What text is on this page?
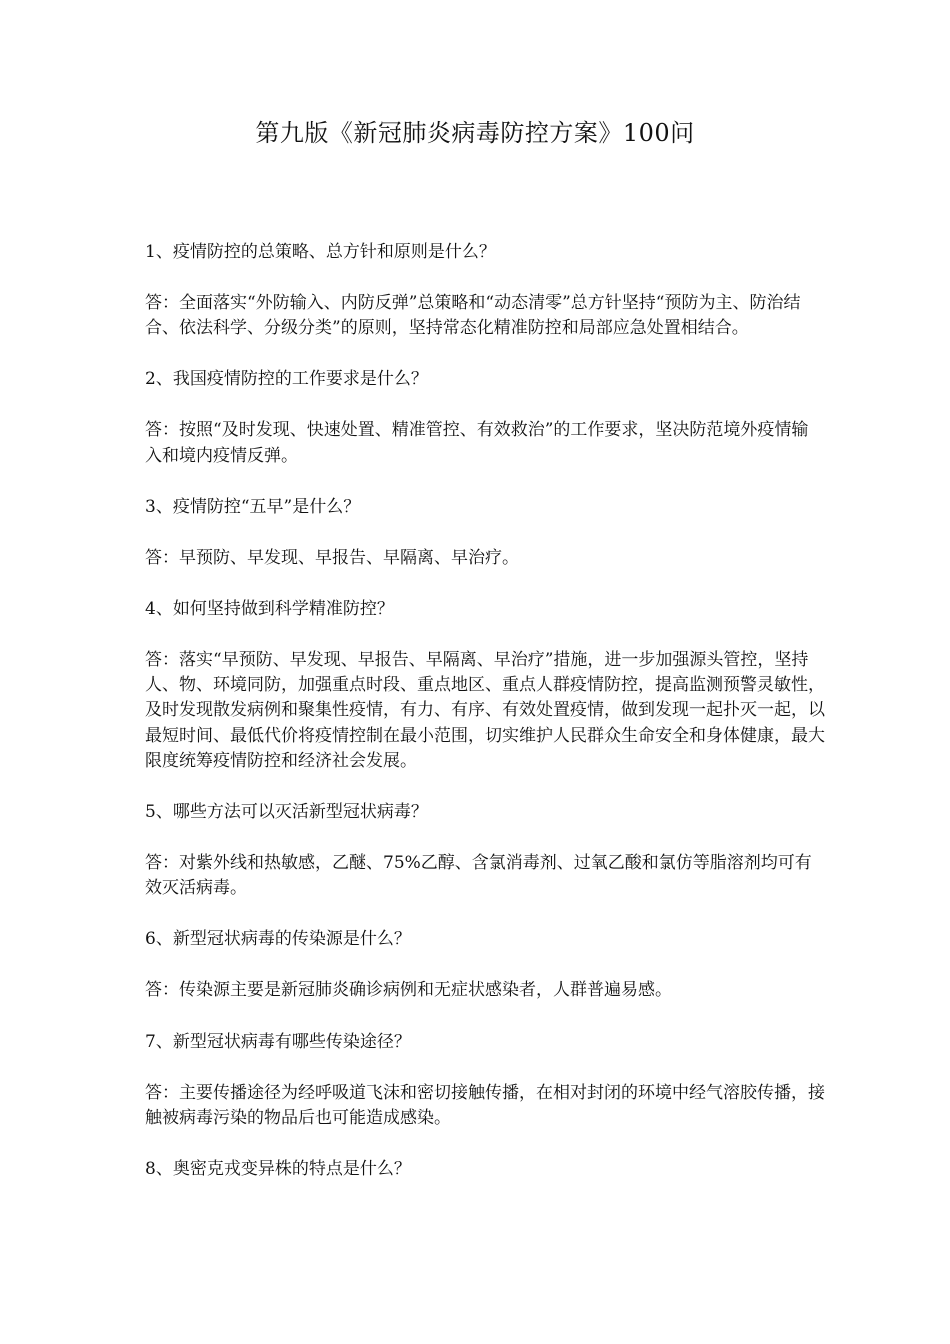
第九版《新冠肺炎病毒防控方案》100问

1、疫情防控的总策略、总方针和原则是什么？

答：全面落实“外防输入、内防反弹”总策略和“动态清零”总方针坚持“预防为主、防治结合、依法科学、分级分类”的原则，坚持常态化精准防控和局部应急处置相结合。

2、我国疫情防控的工作要求是什么？

答：按照“及时发现、快速处置、精准管控、有效救治”的工作要求，坚决防范境外疫情输入和境内疫情反弹。

3、疫情防控“五早”是什么？

答：早预防、早发现、早报告、早隔离、早治疗。

4、如何坚持做到科学精准防控？

答：落实“早预防、早发现、早报告、早隔离、早治疗”措施，进一步加强源头管控，坚持人、物、环境同防，加强重点时段、重点地区、重点人群疫情防控，提高监测预警灵敏性，及时发现散发病例和聚集性疫情，有力、有序、有效处置疫情，做到发现一起扑灭一起，以最短时间、最低代价将疫情控制在最小范围，切实维护人民群众生命安全和身体健康，最大限度统筹疫情防控和经济社会发展。

5、哪些方法可以灭活新型冠状病毒？

答：对紫外线和热敏感，乙醚、75%乙醇、含氯消毒剂、过氧乙酸和氯仿等脂溶剂均可有效灭活病毒。

6、新型冠状病毒的传染源是什么？

答：传染源主要是新冠肺炎确诊病例和无症状感染者，人群普遍易感。

7、新型冠状病毒有哪些传染途径？

答：主要传播途径为经呼吸道飞沫和密切接触传播，在相对封闭的环境中经气溶胶传播，接触被病毒污染的物品后也可能造成感染。

8、奥密克戎变异株的特点是什么？
